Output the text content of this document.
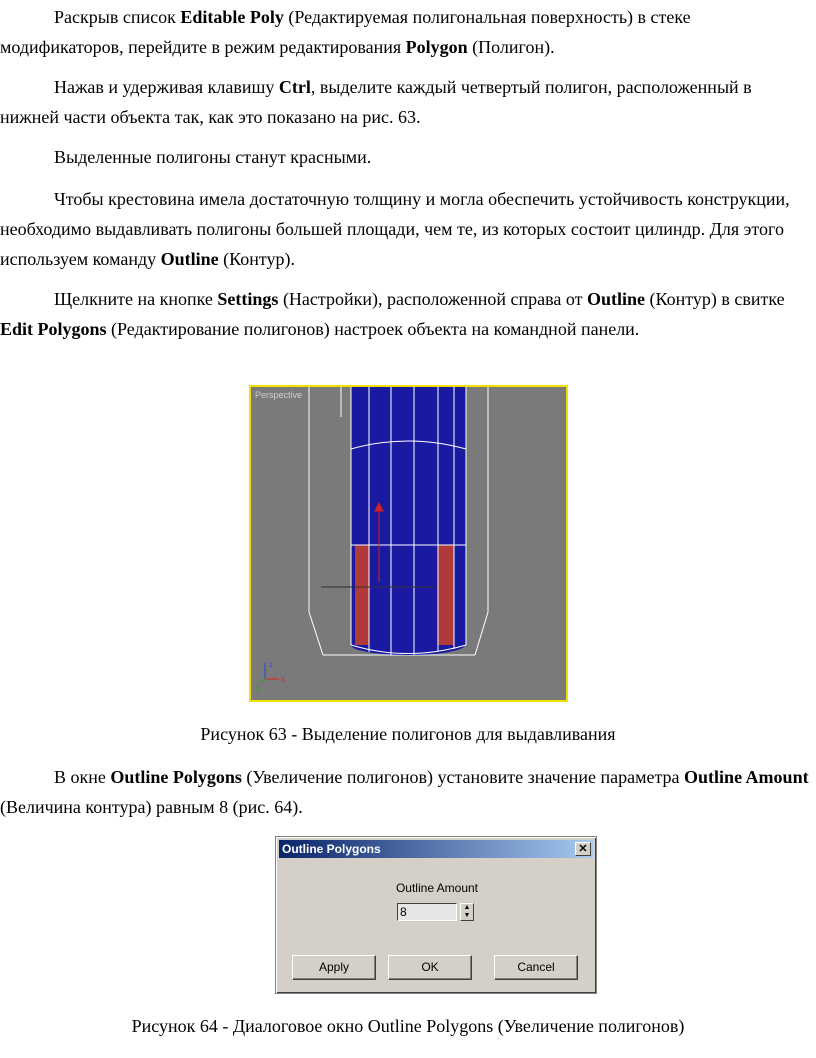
Раскрыв список Editable Poly (Редактируемая полигональная поверхность) в стеке модификаторов, перейдите в режим редактирования Polygon (Полигон).

Нажав и удерживая клавишу Ctrl, выделите каждый четвертый полигон, расположенный в нижней части объекта так, как это показано на рис. 63.

Выделенные полигоны станут красными.

Чтобы крестовина имела достаточную толщину и могла обеспечить устойчивость конструкции, необходимо выдавливать полигоны большей площади, чем те, из которых состоит цилиндр. Для этого используем команду Outline (Контур).

Щелкните на кнопке Settings (Настройки), расположенной справа от Outline (Контур) в свитке Edit Polygons (Редактирование полигонов) настроек объекта на командной панели.

z
x
y
Perspective

Рисунок 63 - Выделение полигонов для выдавливания

В окне Outline Polygons (Увеличение полигонов) установите значение параметра Outline Amount (Величина контура) равным 8 (рис. 64).

Outline Polygons	✕
Outline Amount
8	▲
▼
Apply	OK	Cancel

Рисунок 64 - Диалоговое окно Outline Polygons (Увеличение полигонов)
